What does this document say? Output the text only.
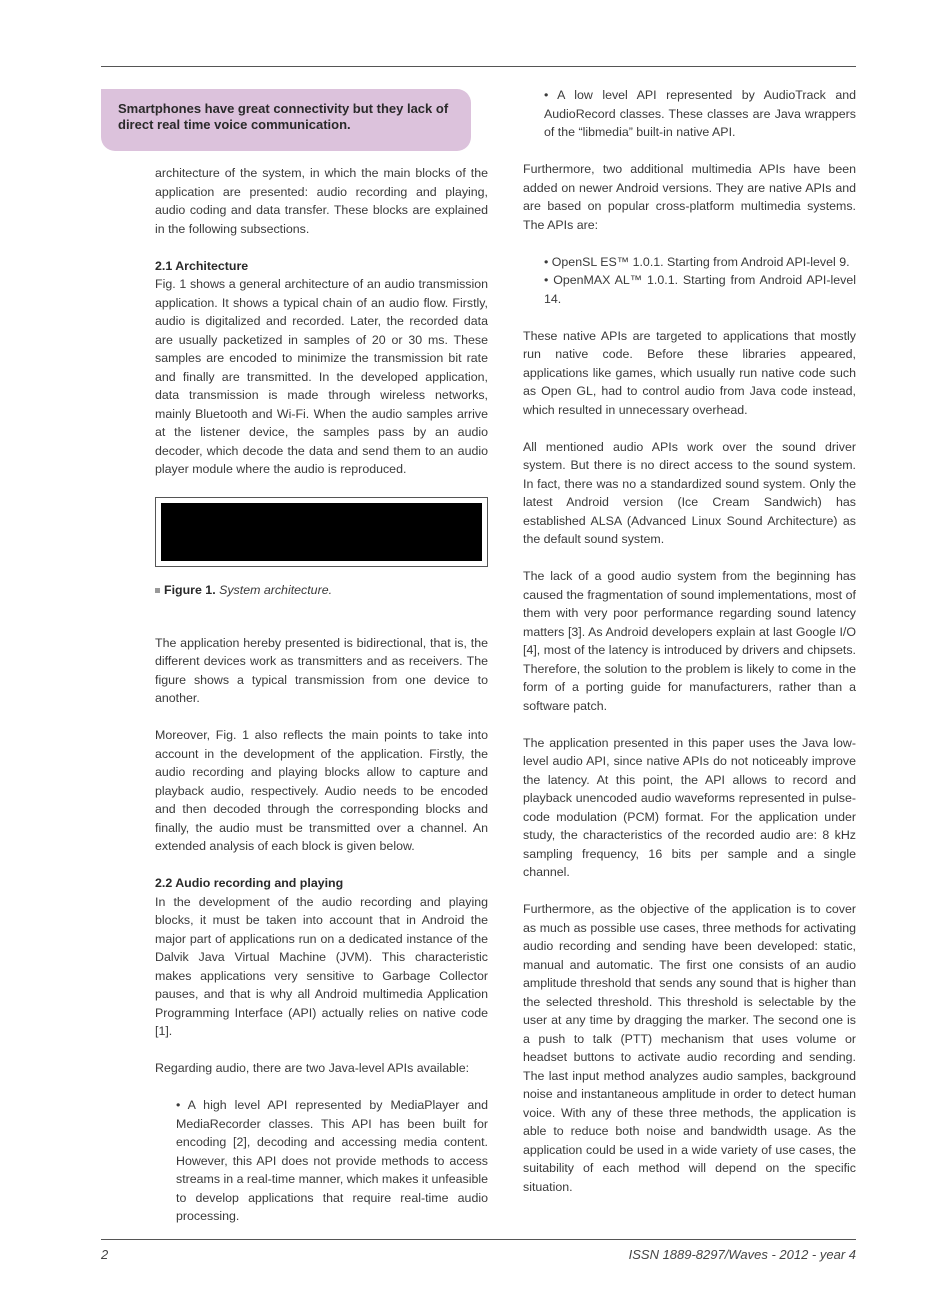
Smartphones have great connectivity but they lack of direct real time voice communication.

architecture of the system, in which the main blocks of the application are presented: audio recording and playing, audio coding and data transfer. These blocks are explained in the following subsections.

2.1 Architecture

Fig. 1 shows a general architecture of an audio transmission application. It shows a typical chain of an audio flow. Firstly, audio is digitalized and recorded. Later, the recorded data are usually packetized in samples of 20 or 30 ms. These samples are encoded to minimize the transmission bit rate and finally are transmitted. In the developed application, data transmission is made through wireless networks, mainly Bluetooth and Wi-Fi. When the audio samples arrive at the listener device, the samples pass by an audio decoder, which decode the data and send them to an audio player module where the audio is reproduced.

Figure 1. System architecture.

The application hereby presented is bidirectional, that is, the different devices work as transmitters and as receivers. The figure shows a typical transmission from one device to another.

Moreover, Fig. 1 also reflects the main points to take into account in the development of the application. Firstly, the audio recording and playing blocks allow to capture and playback audio, respectively. Audio needs to be encoded and then decoded through the corresponding blocks and finally, the audio must be transmitted over a channel. An extended analysis of each block is given below.

2.2 Audio recording and playing

In the development of the audio recording and playing blocks, it must be taken into account that in Android the major part of applications run on a dedicated instance of the Dalvik Java Virtual Machine (JVM). This characteristic makes applications very sensitive to Garbage Collector pauses, and that is why all Android multimedia Application Programming Interface (API) actually relies on native code [1].

Regarding audio, there are two Java-level APIs available:

• A high level API represented by MediaPlayer and MediaRecorder classes. This API has been built for encoding [2], decoding and accessing media content. However, this API does not provide methods to access streams in a real-time manner, which makes it unfeasible to develop applications that require real-time audio processing.

• A low level API represented by AudioTrack and AudioRecord classes. These classes are Java wrappers of the “libmedia” built-in native API.

Furthermore, two additional multimedia APIs have been added on newer Android versions. They are native APIs and are based on popular cross-platform multimedia systems. The APIs are:

• OpenSL ES™ 1.0.1. Starting from Android API-level 9.

• OpenMAX AL™ 1.0.1. Starting from Android API-level 14.

These native APIs are targeted to applications that mostly run native code. Before these libraries appeared, applications like games, which usually run native code such as Open GL, had to control audio from Java code instead, which resulted in unnecessary overhead.

All mentioned audio APIs work over the sound driver system. But there is no direct access to the sound system. In fact, there was no a standardized sound system. Only the latest Android version (Ice Cream Sandwich) has established ALSA (Advanced Linux Sound Architecture) as the default sound system.

The lack of a good audio system from the beginning has caused the fragmentation of sound implementations, most of them with very poor performance regarding sound latency matters [3]. As Android developers explain at last Google I/O [4], most of the latency is introduced by drivers and chipsets. Therefore, the solution to the problem is likely to come in the form of a porting guide for manufacturers, rather than a software patch.

The application presented in this paper uses the Java low-level audio API, since native APIs do not noticeably improve the latency. At this point, the API allows to record and playback unencoded audio waveforms represented in pulse-code modulation (PCM) format. For the application under study, the characteristics of the recorded audio are: 8 kHz sampling frequency, 16 bits per sample and a single channel.

Furthermore, as the objective of the application is to cover as much as possible use cases, three methods for activating audio recording and sending have been developed: static, manual and automatic. The first one consists of an audio amplitude threshold that sends any sound that is higher than the selected threshold. This threshold is selectable by the user at any time by dragging the marker. The second one is a push to talk (PTT) mechanism that uses volume or headset buttons to activate audio recording and sending. The last input method analyzes audio samples, background noise and instantaneous amplitude in order to detect human voice. With any of these three methods, the application is able to reduce both noise and bandwidth usage. As the application could be used in a wide variety of use cases, the suitability of each method will depend on the specific situation.

2	ISSN 1889-8297/Waves - 2012 - year 4
